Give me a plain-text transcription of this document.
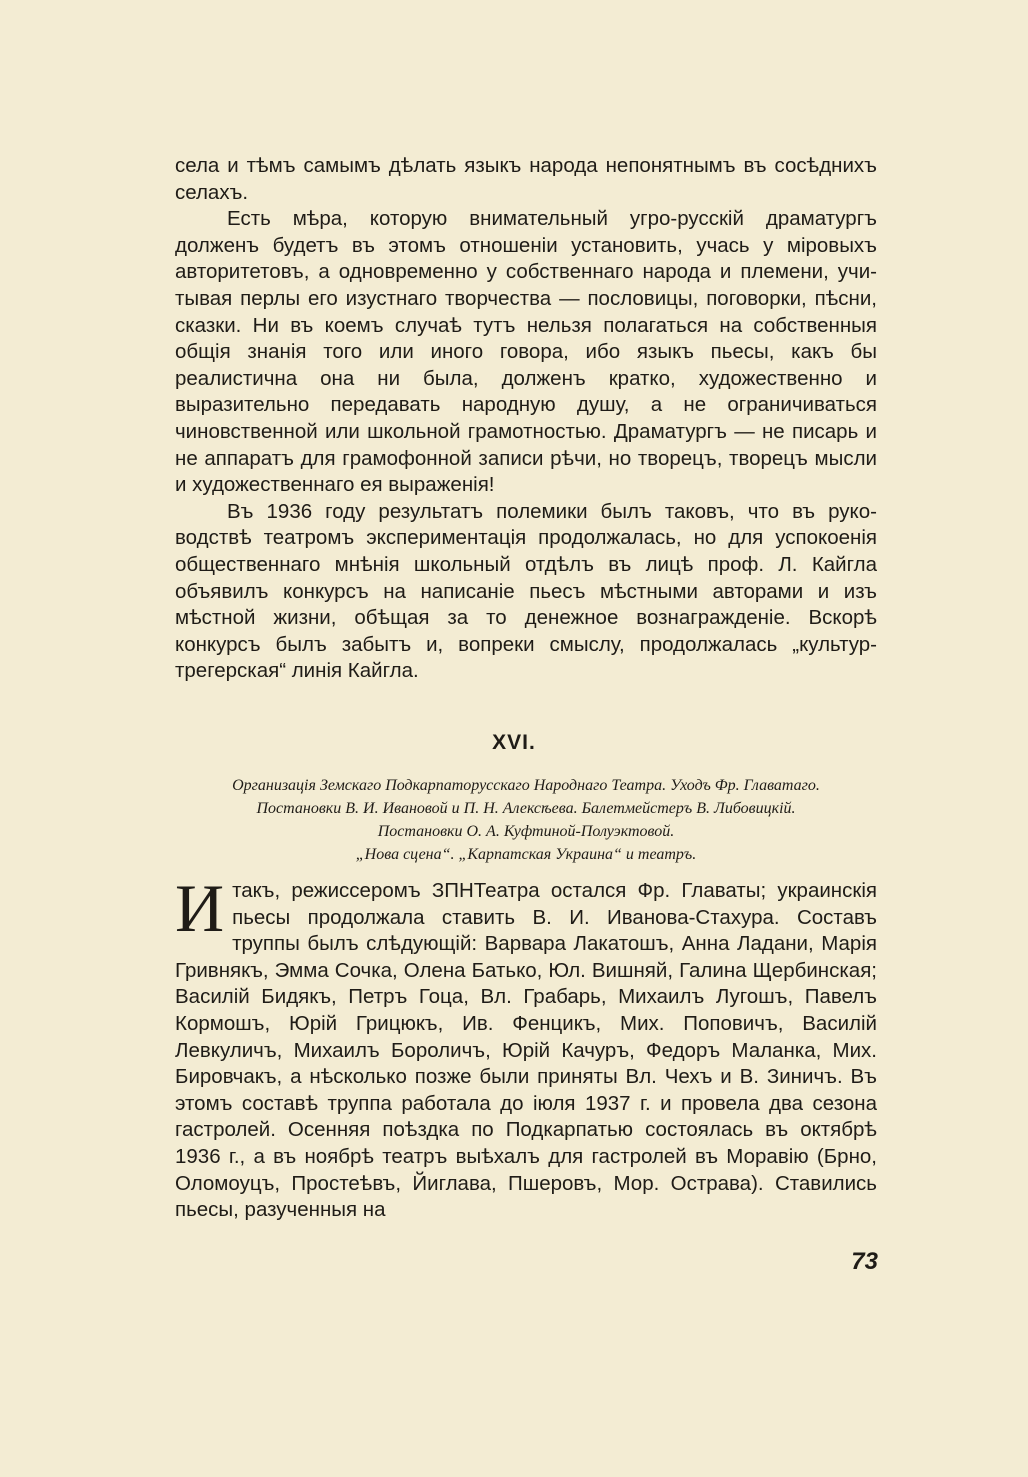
села и тѣмъ самымъ дѣлать языкъ народа непонятнымъ въ сосѣднихъ селахъ.

Есть мѣра, которую внимательный угро-русскій драматургъ долженъ будетъ въ этомъ отношеніи установить, учась у міровыхъ авторитетовъ, а одновременно у собственнаго народа и племени, учитывая перлы его изустнаго творчества — пословицы, поговорки, пѣсни, сказки. Ни въ коемъ случаѣ тутъ нельзя полагаться на собственныя общія знанія того или иного говора, ибо языкъ пьесы, какъ бы реалистична она ни была, долженъ кратко, художественно и выразительно передавать народную душу, а не ограничиваться чиновственной или школьной грамотностью. Драматургъ — не писарь и не аппаратъ для грамофонной записи рѣчи, но творецъ, творецъ мысли и художественнаго ея выраженія!

Въ 1936 году результатъ полемики былъ таковъ, что въ руководствѣ театромъ экспериментація продолжалась, но для успокоенія общественнаго мнѣнія школьный отдѣлъ въ лицѣ проф. Л. Кайгла объявилъ конкурсъ на написаніе пьесъ мѣстными авторами и изъ мѣстной жизни, обѣщая за то денежное вознагражденіе. Вскорѣ конкурсъ былъ забытъ и, вопреки смыслу, продолжалась „культуртрегерская“ линія Кайгла.

XVI.

Организація Земскаго Подкарпаторусскаго Народнаго Театра. Уходъ Фр. Главатаго.
Постановки В. И. Ивановой и П. Н. Алексѣева. Балетмейстеръ В. Либовицкій.
Постановки О. А. Куфтиной-Полуэктовой.
„Нова сцена“. „Карпатская Украина“ и театръ.

Итакъ, режиссеромъ ЗПНТеатра остался Фр. Главаты; украинскія пьесы продолжала ставить В. И. Иванова-Стахура. Составъ труппы былъ слѣдующій: Варвара Лакатошъ, Анна Ладани, Марія Гривнякъ, Эмма Сочка, Олена Батько, Юл. Вишняй, Галина Щербинская; Василій Бидякъ, Петръ Гоца, Вл. Грабарь, Михаилъ Лугошъ, Павелъ Кормошъ, Юрій Грицюкъ, Ив. Фенцикъ, Мих. Поповичъ, Василій Левкуличъ, Михаилъ Бороличъ, Юрій Качуръ, Федоръ Маланка, Мих. Бировчакъ, а нѣсколько позже были приняты Вл. Чехъ и В. Зиничъ. Въ этомъ составѣ труппа работала до іюля 1937 г. и провела два сезона гастролей. Осенняя поѣздка по Подкарпатью состоялась въ октябрѣ 1936 г., а въ ноябрѣ театръ выѣхалъ для гастролей въ Моравію (Брно, Оломоуцъ, Простеѣвъ, Йиглава, Пшеровъ, Мор. Острава). Ставились пьесы, разученныя на

73
